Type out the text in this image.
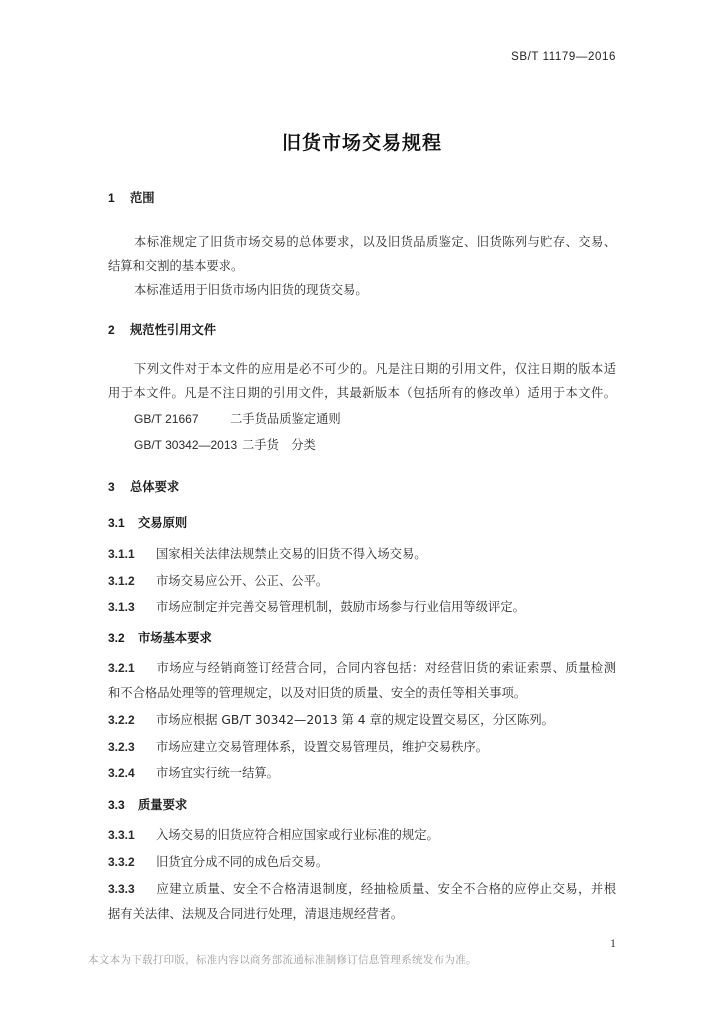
SB/T 11179—2016
旧货市场交易规程
1 范围
本标准规定了旧货市场交易的总体要求，以及旧货品质鉴定、旧货陈列与贮存、交易、
结算和交割的基本要求。
本标准适用于旧货市场内旧货的现货交易。
2 规范性引用文件
下列文件对于本文件的应用是必不可少的。凡是注日期的引用文件，仅注日期的版本适
用于本文件。凡是不注日期的引用文件，其最新版本（包括所有的修改单）适用于本文件。
GB/T 21667	二手货品质鉴定通则
GB/T 30342—2013 二手货　分类
3 总体要求
3.1 交易原则
3.1.1 国家相关法律法规禁止交易的旧货不得入场交易。
3.1.2 市场交易应公开、公正、公平。
3.1.3 市场应制定并完善交易管理机制，鼓励市场参与行业信用等级评定。
3.2 市场基本要求
3.2.1 市场应与经销商签订经营合同，合同内容包括：对经营旧货的索证索票、质量检测
和不合格品处理等的管理规定，以及对旧货的质量、安全的责任等相关事项。
3.2.2 市场应根据 GB/T 30342—2013 第 4 章的规定设置交易区，分区陈列。
3.2.3 市场应建立交易管理体系，设置交易管理员，维护交易秩序。
3.2.4 市场宜实行统一结算。
3.3 质量要求
3.3.1 入场交易的旧货应符合相应国家或行业标准的规定。
3.3.2 旧货宜分成不同的成色后交易。
3.3.3 应建立质量、安全不合格清退制度，经抽检质量、安全不合格的应停止交易，并根
据有关法律、法规及合同进行处理，清退违规经营者。
1
本文本为下载打印版，标准内容以商务部流通标准制修订信息管理系统发布为准。
